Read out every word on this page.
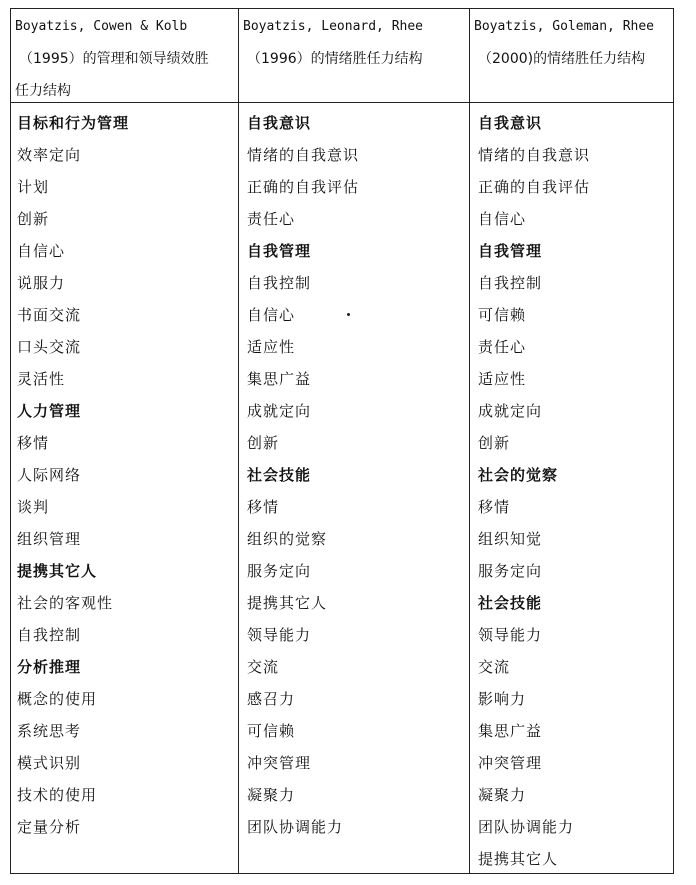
Boyatzis, Cowen & Kolb
（1995）的管理和领导绩效胜
任力结构
Boyatzis, Leonard, Rhee
（1996）的情绪胜任力结构
Boyatzis, Goleman, Rhee
（2000)的情绪胜任力结构
目标和行为管理
效率定向
计划
创新
自信心
说服力
书面交流
口头交流
灵活性
人力管理
移情
人际网络
谈判
组织管理
提携其它人
社会的客观性
自我控制
分析推理
概念的使用
系统思考
模式识别
技术的使用
定量分析
自我意识
情绪的自我意识
正确的自我评估
责任心
自我管理
自我控制
自信心
适应性
集思广益
成就定向
创新
社会技能
移情
组织的觉察
服务定向
提携其它人
领导能力
交流
感召力
可信赖
冲突管理
凝聚力
团队协调能力
自我意识
情绪的自我意识
正确的自我评估
自信心
自我管理
自我控制
可信赖
责任心
适应性
成就定向
创新
社会的觉察
移情
组织知觉
服务定向
社会技能
领导能力
交流
影响力
集思广益
冲突管理
凝聚力
团队协调能力
提携其它人
